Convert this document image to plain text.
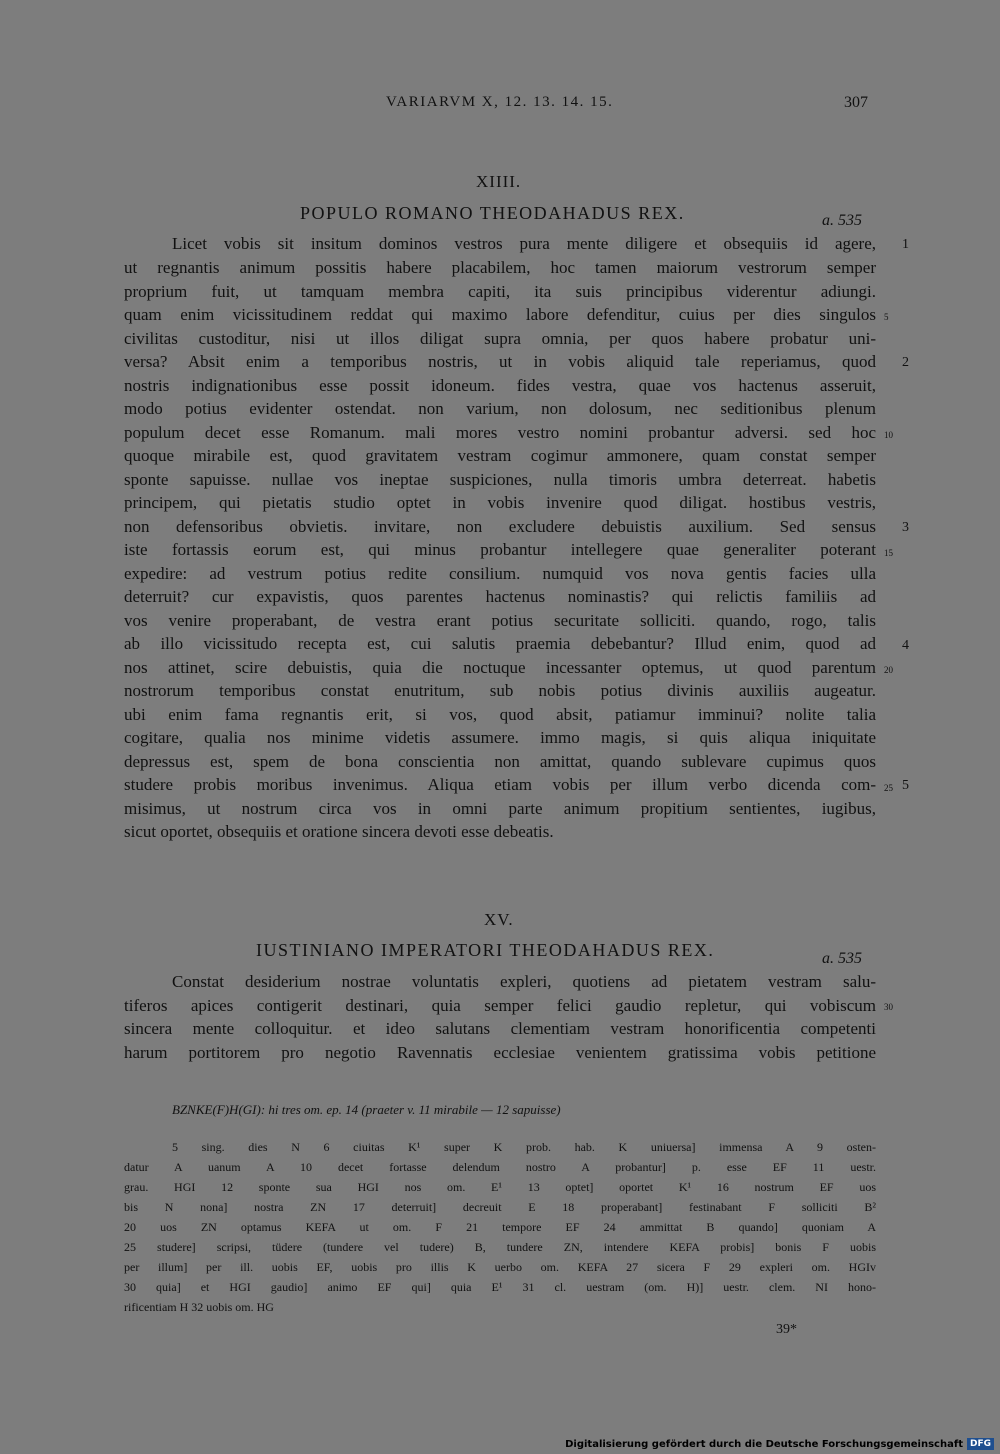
VARIARVM X, 12. 13. 14. 15.	307
XIIII.
POPULO ROMANO THEODAHADUS REX.	a. 535
Licet vobis sit insitum dominos vestros pura mente diligere et obsequiis id agere,
ut regnantis animum possitis habere placabilem, hoc tamen maiorum vestrorum semper
proprium fuit, ut tamquam membra capiti, ita suis principibus viderentur adiungi.
quam enim vicissitudinem reddat qui maximo labore defenditur, cuius per dies singulos
civilitas custoditur, nisi ut illos diligat supra omnia, per quos habere probatur uni-
versa? Absit enim a temporibus nostris, ut in vobis aliquid tale reperiamus, quod
nostris indignationibus esse possit idoneum. fides vestra, quae vos hactenus asseruit,
modo potius evidenter ostendat. non varium, non dolosum, nec seditionibus plenum
populum decet esse Romanum. mali mores vestro nomini probantur adversi. sed hoc
quoque mirabile est, quod gravitatem vestram cogimur ammonere, quam constat semper
sponte sapuisse. nullae vos ineptae suspiciones, nulla timoris umbra deterreat. habetis
principem, qui pietatis studio optet in vobis invenire quod diligat. hostibus vestris,
non defensoribus obvietis. invitare, non excludere debuistis auxilium. Sed sensus
iste fortassis eorum est, qui minus probantur intellegere quae generaliter poterant
expedire: ad vestrum potius redite consilium. numquid vos nova gentis facies ulla
deterruit? cur expavistis, quos parentes hactenus nominastis? qui relictis familiis ad
vos venire properabant, de vestra erant potius securitate solliciti. quando, rogo, talis
ab illo vicissitudo recepta est, cui salutis praemia debebantur? Illud enim, quod ad
nos attinet, scire debuistis, quia die noctuque incessanter optemus, ut quod parentum
nostrorum temporibus constat enutritum, sub nobis potius divinis auxiliis augeatur.
ubi enim fama regnantis erit, si vos, quod absit, patiamur imminui? nolite talia
cogitare, qualia nos minime videtis assumere. immo magis, si quis aliqua iniquitate
depressus est, spem de bona conscientia non amittat, quando sublevare cupimus quos
studere probis moribus invenimus. Aliqua etiam vobis per illum verbo dicenda com-
misimus, ut nostrum circa vos in omni parte animum propitium sentientes, iugibus,
sicut oportet, obsequiis et oratione sincera devoti esse debeatis.
5
10
15
20
25
30
1
2
3
4
5
XV.
IUSTINIANO IMPERATORI THEODAHADUS REX.	a. 535
Constat desiderium nostrae voluntatis expleri, quotiens ad pietatem vestram salu-
tiferos apices contigerit destinari, quia semper felici gaudio repletur, qui vobiscum
sincera mente colloquitur. et ideo salutans clementiam vestram honorificentia competenti
harum portitorem pro negotio Ravennatis ecclesiae venientem gratissima vobis petitione
BZNKE(F)H(GI): hi tres om. ep. 14 (praeter v. 11 mirabile — 12 sapuisse)
5 sing. dies N 6 ciuitas K¹ super K prob. hab. K uniuersa] immensa A 9 osten-
datur A uanum A 10 decet fortasse delendum nostro A probantur] p. esse EF 11 uestr.
grau. HGI 12 sponte sua HGI nos om. E¹ 13 optet] oportet K¹ 16 nostrum EF uos
bis N nona] nostra ZN 17 deterruit] decreuit E 18 properabant] festinabant F solliciti B²
20 uos ZN optamus KEFA ut om. F 21 tempore EF 24 ammittat B quando] quoniam A
25 studere] scripsi, tüdere (tundere vel tudere) B, tundere ZN, intendere KEFA probis] bonis F uobis
per illum] per ill. uobis EF, uobis pro illis K uerbo om. KEFA 27 sicera F 29 expleri om. HGIv
30 quia] et HGI gaudio] animo EF qui] quia E¹ 31 cl. uestram (om. H)] uestr. clem. NI hono-
rificentiam H 32 uobis om. HG
39*
Digitalisierung gefördert durch die Deutsche Forschungsgemeinschaft DFG
